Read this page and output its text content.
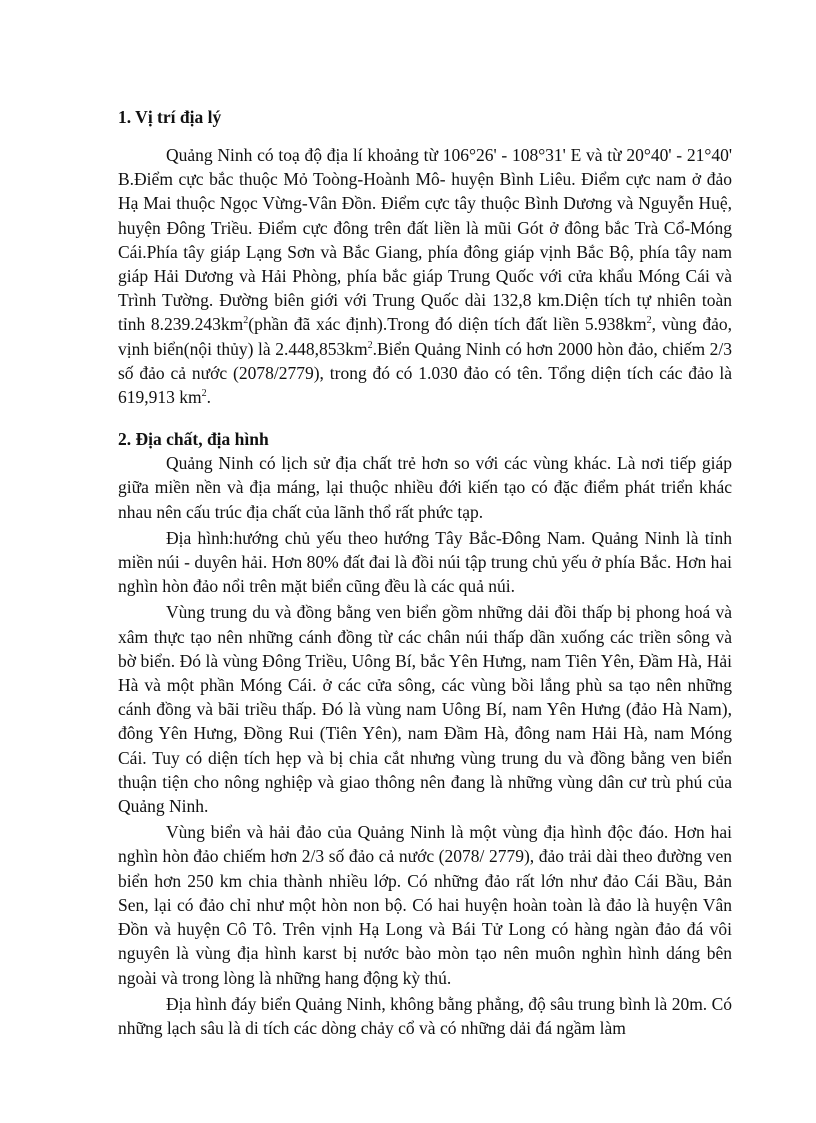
1. Vị trí địa lý

Quảng Ninh có toạ độ địa lí khoảng từ 106°26' - 108°31' E và từ 20°40' - 21°40' B.Điểm cực bắc thuộc Mỏ Toòng-Hoành Mô- huyện Bình Liêu. Điểm cực nam ở đảo Hạ Mai thuộc Ngọc Vừng-Vân Đồn. Điểm cực tây thuộc Bình Dương và Nguyễn Huệ, huyện Đông Triều. Điểm cực đông trên đất liền là mũi Gót ở đông bắc Trà Cổ-Móng Cái.Phía tây giáp Lạng Sơn và Bắc Giang, phía đông giáp vịnh Bắc Bộ, phía tây nam giáp Hải Dương và Hải Phòng, phía bắc giáp Trung Quốc với cửa khẩu Móng Cái và Trình Tường. Đường biên giới với Trung Quốc dài 132,8 km.Diện tích tự nhiên toàn tỉnh $8.239.243km^2(phần$ đã xác định).Trong đó diện tích đất liền $5.938km^2$, vùng đảo, vịnh biển(nội thủy) là $2.448,853km^2.Biển$ Quảng Ninh có hơn 2000 hòn đảo, chiếm 2/3 số đảo cả nước (2078/2779), trong đó có 1.030 đảo có tên. Tổng diện tích các đảo là 619,913 $km^2$.

2. Địa chất, địa hình

Quảng Ninh có lịch sử địa chất trẻ hơn so với các vùng khác. Là nơi tiếp giáp giữa miền nền và địa máng, lại thuộc nhiều đới kiến tạo có đặc điểm phát triển khác nhau nên cấu trúc địa chất của lãnh thổ rất phức tạp.

Địa hình:hướng chủ yếu theo hướng Tây Bắc-Đông Nam. Quảng Ninh là tỉnh miền núi - duyên hải. Hơn 80% đất đai là đồi núi tập trung chủ yếu ở phía Bắc. Hơn hai nghìn hòn đảo nổi trên mặt biển cũng đều là các quả núi.

Vùng trung du và đồng bằng ven biển gồm những dải đồi thấp bị phong hoá và xâm thực tạo nên những cánh đồng từ các chân núi thấp dần xuống các triền sông và bờ biển. Đó là vùng Đông Triều, Uông Bí, bắc Yên Hưng, nam Tiên Yên, Đầm Hà, Hải Hà và một phần Móng Cái. ở các cửa sông, các vùng bồi lắng phù sa tạo nên những cánh đồng và bãi triều thấp. Đó là vùng nam Uông Bí, nam Yên Hưng (đảo Hà Nam), đông Yên Hưng, Đồng Rui (Tiên Yên), nam Đầm Hà, đông nam Hải Hà, nam Móng Cái. Tuy có diện tích hẹp và bị chia cắt nhưng vùng trung du và đồng bằng ven biển thuận tiện cho nông nghiệp và giao thông nên đang là những vùng dân cư trù phú của Quảng Ninh.

Vùng biển và hải đảo của Quảng Ninh là một vùng địa hình độc đáo. Hơn hai nghìn hòn đảo chiếm hơn 2/3 số đảo cả nước (2078/ 2779), đảo trải dài theo đường ven biển hơn 250 km chia thành nhiều lớp. Có những đảo rất lớn như đảo Cái Bầu, Bản Sen, lại có đảo chỉ như một hòn non bộ. Có hai huyện hoàn toàn là đảo là huyện Vân Đồn và huyện Cô Tô. Trên vịnh Hạ Long và Bái Tử Long có hàng ngàn đảo đá vôi nguyên là vùng địa hình karst bị nước bào mòn tạo nên muôn nghìn hình dáng bên ngoài và trong lòng là những hang động kỳ thú.

Địa hình đáy biển Quảng Ninh, không bằng phẳng, độ sâu trung bình là 20m. Có những lạch sâu là di tích các dòng chảy cổ và có những dải đá ngầm làm
